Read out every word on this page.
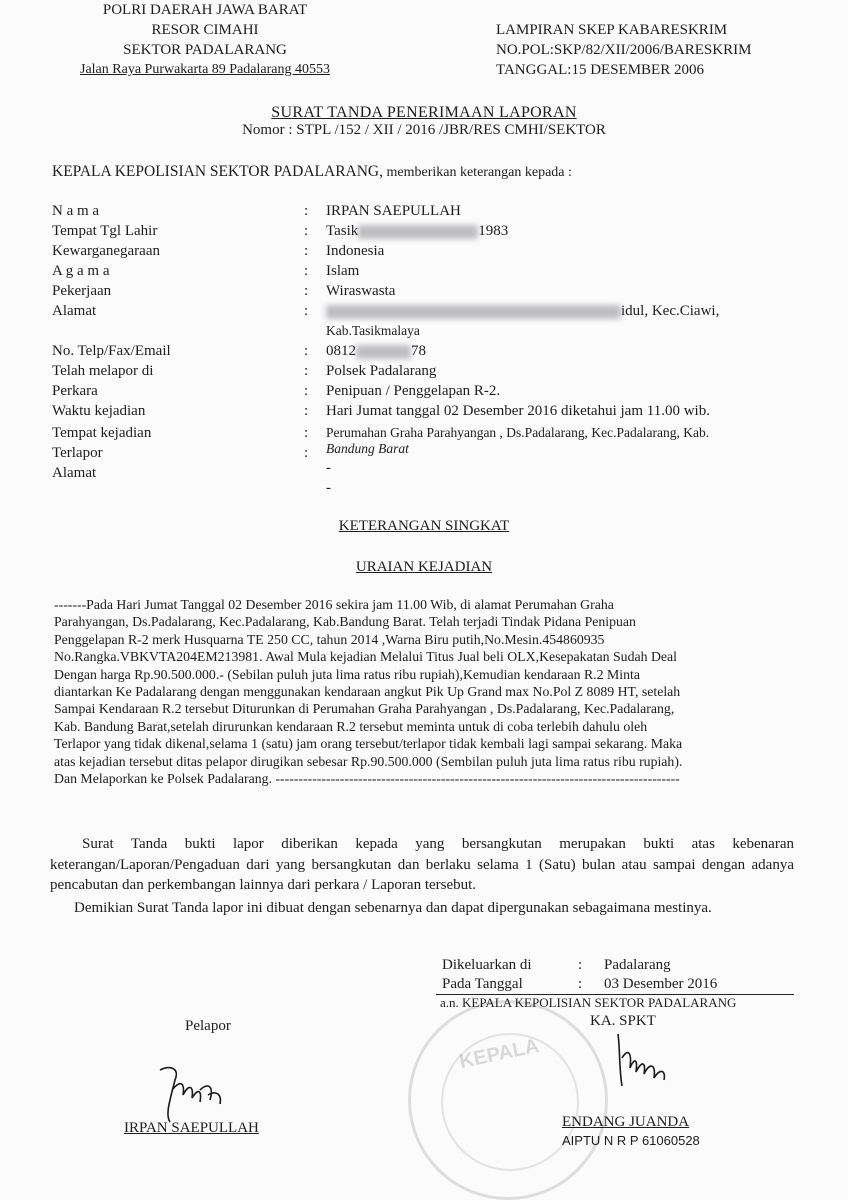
POLRI DAERAH JAWA BARAT
RESOR CIMAHI
SEKTOR PADALARANG
Jalan Raya Purwakarta 89 Padalarang 40553
LAMPIRAN SKEP KABARESKRIM
NO.POL:SKP/82/XII/2006/BARESKRIM
TANGGAL:15 DESEMBER 2006
SURAT TANDA PENERIMAAN LAPORAN
Nomor : STPL /152 / XII / 2016 /JBR/RES CMHI/SEKTOR
KEPALA KEPOLISIAN SEKTOR PADALARANG, memberikan keterangan kepada :
N a m a	: IRPAN SAEPULLAH
Tempat Tgl Lahir	: Tasik	1983
Kewarganegaraan	: Indonesia
A g a m a	: Islam
Pekerjaan	: Wiraswasta
Alamat	:	idul, Kec.Ciawi,
Kab.Tasikmalaya
No. Telp/Fax/Email	: 0812	78
Telah melapor di	: Polsek Padalarang
Perkara	: Penipuan / Penggelapan R-2.
Waktu kejadian	: Hari Jumat tanggal 02 Desember 2016 diketahui jam 11.00 wib.
Tempat kejadian	: Perumahan Graha Parahyangan , Ds.Padalarang, Kec.Padalarang, Kab.
Bandung Barat
Terlapor	:
-
Alamat
-
KETERANGAN SINGKAT
URAIAN KEJADIAN

-------Pada Hari Jumat Tanggal 02 Desember 2016 sekira jam 11.00 Wib, di alamat Perumahan Graha

Parahyangan, Ds.Padalarang, Kec.Padalarang, Kab.Bandung Barat. Telah terjadi Tindak Pidana Penipuan

Penggelapan R-2 merk Husquarna TE 250 CC, tahun 2014 ,Warna Biru putih,No.Mesin.454860935

No.Rangka.VBKVTA204EM213981. Awal Mula kejadian Melalui Titus Jual beli OLX,Kesepakatan Sudah Deal

Dengan harga Rp.90.500.000.- (Sebilan puluh juta lima ratus ribu rupiah),Kemudian kendaraan R.2 Minta

diantarkan Ke Padalarang dengan menggunakan kendaraan angkut Pik Up Grand max No.Pol Z 8089 HT, setelah

Sampai Kendaraan R.2 tersebut Diturunkan di Perumahan Graha Parahyangan , Ds.Padalarang, Kec.Padalarang,

Kab. Bandung Barat,setelah dirurunkan kendaraan R.2 tersebut meminta untuk di coba terlebih dahulu oleh

Terlapor yang tidak dikenal,selama 1 (satu) jam orang tersebut/terlapor tidak kembali lagi sampai sekarang. Maka

atas kejadian tersebut ditas pelapor dirugikan sebesar Rp.90.500.000 (Sembilan puluh juta lima ratus ribu rupiah).

Dan Melaporkan ke Polsek Padalarang. ----------------------------------------------------------------------------------------

Surat Tanda bukti lapor diberikan kepada yang bersangkutan merupakan bukti atas kebenaran keterangan/Laporan/Pengaduan dari yang bersangkutan dan berlaku selama 1 (Satu) bulan atau sampai dengan adanya pencabutan dan perkembangan lainnya dari perkara / Laporan tersebut.
Demikian Surat Tanda lapor ini dibuat dengan sebenarnya dan dapat dipergunakan sebagaimana mestinya.
KEPALA
Dikeluarkan di	: Padalarang
Pada Tanggal	: 03 Desember 2016
a.n. KEPALA KEPOLISIAN SEKTOR PADALARANG
KA. SPKT
Pelapor
IRPAN SAEPULLAH	ENDANG JUANDA
AIPTU N R P 61060528
